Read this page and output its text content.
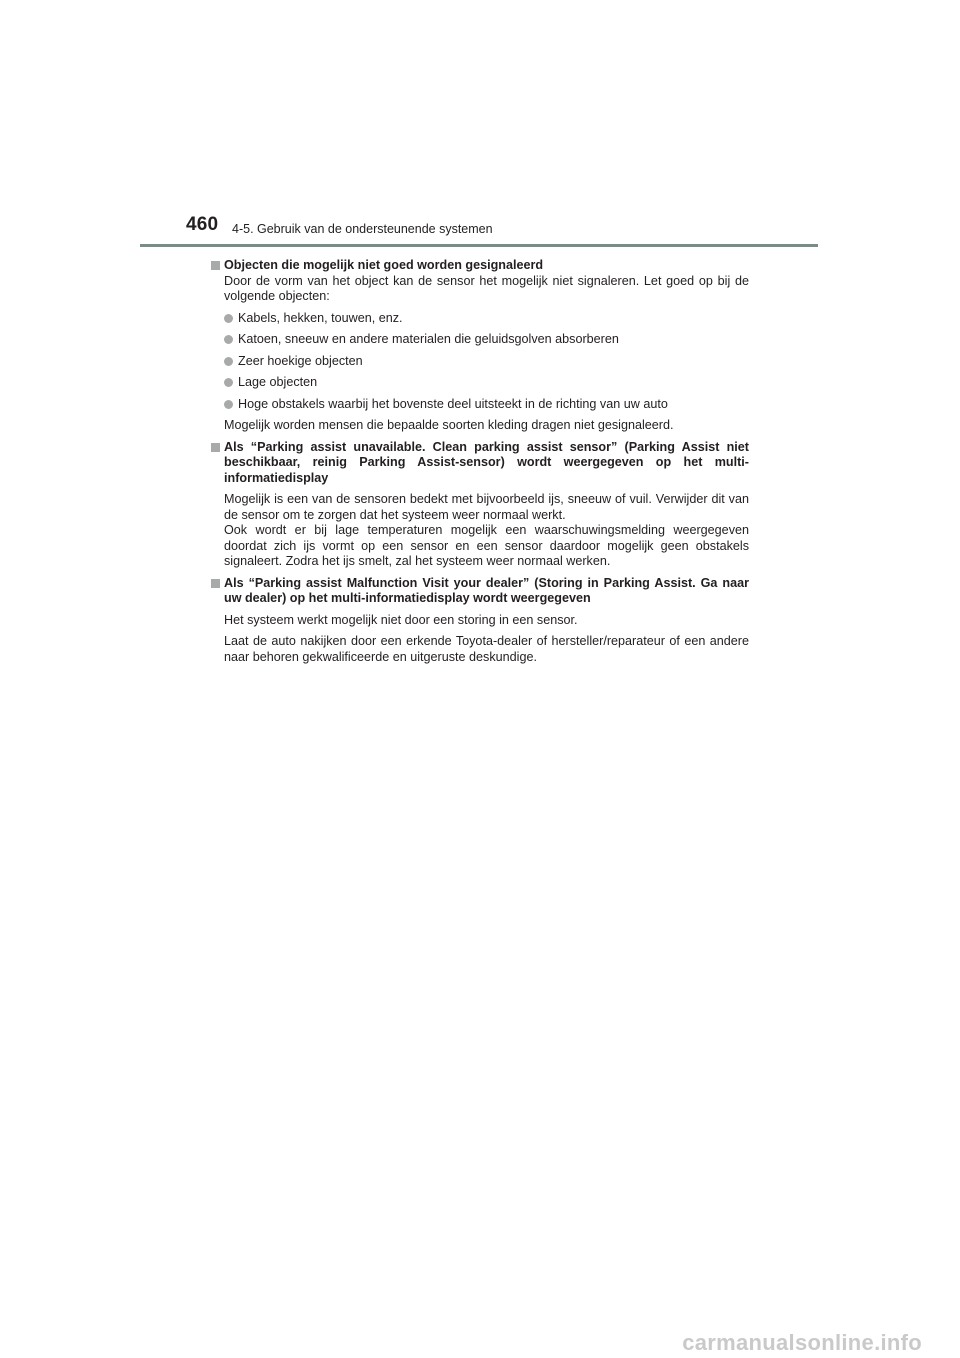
460 4-5. Gebruik van de ondersteunende systemen
Objecten die mogelijk niet goed worden gesignaleerd
Door de vorm van het object kan de sensor het mogelijk niet signaleren. Let goed op bij de volgende objecten:
Kabels, hekken, touwen, enz.
Katoen, sneeuw en andere materialen die geluidsgolven absorberen
Zeer hoekige objecten
Lage objecten
Hoge obstakels waarbij het bovenste deel uitsteekt in de richting van uw auto
Mogelijk worden mensen die bepaalde soorten kleding dragen niet gesignaleerd.
Als “Parking assist unavailable. Clean parking assist sensor” (Parking Assist niet beschikbaar, reinig Parking Assist-sensor) wordt weergegeven op het multi-informatiedisplay
Mogelijk is een van de sensoren bedekt met bijvoorbeeld ijs, sneeuw of vuil. Verwijder dit van de sensor om te zorgen dat het systeem weer normaal werkt.
Ook wordt er bij lage temperaturen mogelijk een waarschuwingsmelding weergegeven doordat zich ijs vormt op een sensor en een sensor daardoor mogelijk geen obstakels signaleert. Zodra het ijs smelt, zal het systeem weer normaal werken.
Als “Parking assist Malfunction Visit your dealer” (Storing in Parking Assist. Ga naar uw dealer) op het multi-informatiedisplay wordt weergegeven
Het systeem werkt mogelijk niet door een storing in een sensor.
Laat de auto nakijken door een erkende Toyota-dealer of hersteller/reparateur of een andere naar behoren gekwalificeerde en uitgeruste deskundige.
carmanualsonline.info
